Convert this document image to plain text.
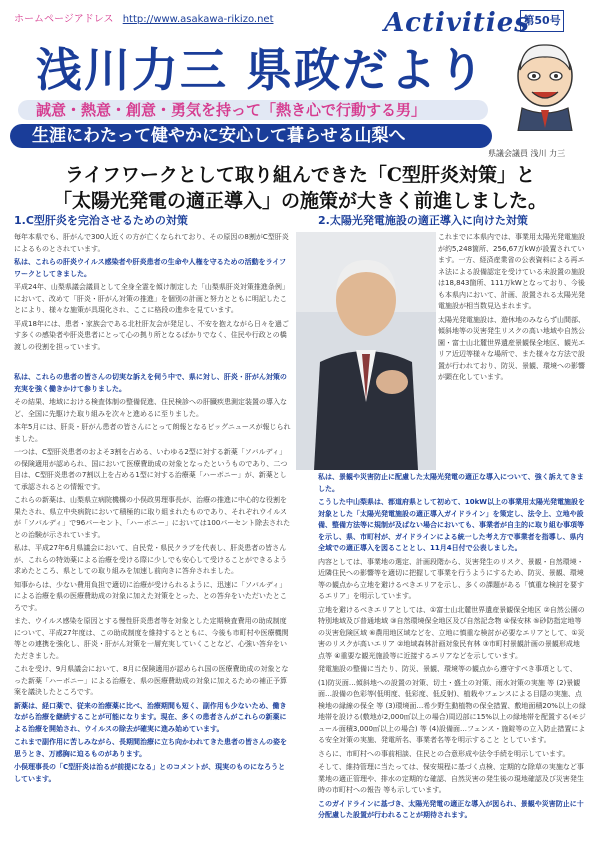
ホームページアドレス http://www.asakawa-rikizo.net	Activities
第50号
浅川力三 県政だより
誠意・熱意・創意・勇気を持って「熱き心で行動する男」
生涯にわたって健やかに安心して暮らせる山梨へ
県議会議員 浅川 力三
ライフワークとして取り組んできた「C型肝炎対策」と
「太陽光発電の適正導入」の施策が大きく前進しました。
1.C型肝炎を完治させるための対策	2.太陽光発電施設の適正導入に向けた対策

毎年本県でも、肝がんで300人近くの方が亡くなられており、その原因の8割がC型肝炎によるものとされています。

私は、これらの肝炎ウイルス感染者や肝炎患者の生命や人権を守るための活動をライフワークとしてきました。

平成24年、山梨県議会議員として全身全霊を傾け制定した「山梨県肝炎対策推進条例」において、改めて「肝炎・肝がん対策の推進」を個別の計画と努力とともに明記したことにより、様々な施策が具現化され、ここに格段の進歩を見ています。

平成18年には、患者・家族会である北杜肝友会が発足し、不安を抱えながら日々を過ごす多くの感染者や肝炎患者にとって心の拠り所となるばかりでなく、住民や行政との橋渡しの役割を担っています。

私は、これらの患者の皆さんの切実な訴えを伺う中で、県に対し、肝炎・肝がん対策の充実を強く働きかけて参りました。

その結果、地域における検査体制の整備促進、住民検診への肝臓疾患測定装置の導入など、全国に先駆けた取り組みを次々と進めるに至りました。

本年5月には、肝炎・肝がん患者の皆さんにとって朗報となるビッグニュースが報じられました。

一つは、C型肝炎患者のおよそ3割を占める、いわゆる2型に対する新薬「ソバルディ」の保険適用が認められ、国において医療費助成の対象となったというものであり、二つ目は、C型肝炎患者の7割以上を占める1型に対する治療薬「ハーボニー」が、新薬として承認されるとの情報です。

これらの新薬は、山梨県立病院機構の小俣政男理事長が、治療の推進に中心的な役割を果たされ、県立中央病院において積極的に取り組まれたものであり、それぞれウイルスが「ソバルディ」で96パーセント、「ハーボニー」においては100パーセント除去されたとの治験が示されています。

私は、平成27年6月県議会において、自民党・県民クラブを代表し、肝炎患者の皆さんが、これらの特効薬による治療を受ける際に少しでも安心して受けることができるよう求めたところ、県としての取り組みを加速し前向きに答弁されました。

知事からは、少ない費用負担で適切に治療が受けられるように、迅速に「ソバルディ」による治療を県の医療費助成の対象に加えた対策をとった、との答弁をいただいたところです。

また、ウイルス感染を原因とする慢性肝炎患者等を対象とした定期検査費用の助成制度について、平成27年度は、この助成制度を維持するとともに、今後も市町村や医療機関等との連携を強化し、肝炎・肝がん対策を一層充実していくことなど、心強い答弁をいただきました。

これを受け、9月県議会において、8月に保険適用が認められ国の医療費助成の対象となった新薬「ハーボニー」による治療を、県の医療費助成の対象に加えるための補正予算案を議決したところです。

新薬は、経口薬で、従来の治療薬に比べ、治療期間も短く、副作用も少ないため、働きながら治療を継続することが可能になります。現在、多くの患者さんがこれらの新薬による治療を開始され、ウイルスの除去が確実に進み始めています。

これまで副作用に苦しみながら、長期間治療に立ち向かわれてきた患者の皆さんの姿を思うとき、万感胸に迫るものがあります。

小俣理事長の「C型肝炎は治るが前提になる」とのコメントが、現実のものになろうとしています。

これまでに本県内では、事業用太陽光発電施設が約5,248箇所、256,67万kWが設置されています。一方、経済産業省の公表資料による再エネ法による設備認定を受けている未設置の施設は18,843箇所、111万kWとなっており、今後も本県内において、計画、設置される太陽光発電施設が相当数見込まれます。

太陽光発電施設は、遊休地のみならず山間部、傾斜地等の災害発生リスクの高い地域や自然公園・富士山北麓世界遺産景観保全地区、観光エリア近辺等様々な場所で、また様々な方法で設置が行われており、防災、景観、環境への影響が顕在化しています。

私は、景観や災害防止に配慮した太陽光発電の適正な導入について、強く訴えてきました。

こうした中山梨県は、都道府県として初めて、10kW以上の事業用太陽光発電施設を対象とした「太陽光発電施設の適正導入ガイドライン」を策定し、法令上、立地や設備、整備方法等に規制が及ばない場合においても、事業者が自主的に取り組む事項等を示し、県、市町村が、ガイドラインによる統一した考え方で事業者を指導し、県内全域での適正導入を図ることとし、11月4日付で公表しました。

内容としては、事業地の選定、計画段階から、災害発生のリスク、景観・自然環境・近隣住民への影響等を適切に把握して事業を行うようにするため、防災、景観、環境等の観点から立地を避けるべきエリアを示し、多くの課題がある「慎重な検討を要するエリア」を明示しています。

立地を避けるべきエリアとしては、①富士山北麓世界遺産景観保全地区 ②自然公園の特別地域及び普通地域 ③自然環境保全地区及び自然記念物 ④保安林 ⑤砂防指定地等の災害危険区域 ⑥農用地区域などを、立地に慎重な検討が必要なエリアとして、①災害のリスクが高いエリア ②地域森林計画対象民有林 ③市町村景観計画の景観形成地点等 ④重要な観光施設等に近接するエリアなどを示しています。

発電施設の整備に当たり、防災、景観、環境等の観点から遵守すべき事項として、

(1)防災面…傾斜地への設置の対策、切土・盛土の対策、雨水対策の実施 等 (2)景観面…設備の色彩等(低明度、低彩度、低反射)、植栽やフェンスによる目隠の実施、点検地の縁線の保全 等 (3)環境面…希少野生動植物の保全措置、敷地面積20%以上の緑地帯を設ける(敷地が2,000㎡以上の場合)周辺部に15%以上の緑地帯を配置する(モジュール面積3,000㎡以上の場合) 等 (4)設備面…フェンス・施錠等の立入防止措置による安全対策の実施、発電所名、事業者名等を明示すること としています。

さらに、市町村への事前相談、住民との合意形成や法令手続を明示しています。

そして、維持管理に当たっては、保安規程に基づく点検、定期的な除草の実施など事業地の適正管理や、排水の定期的な確認、自然災害の発生後の現地確認及び災害発生時の市町村への報告 等も示しています。

このガイドラインに基づき、太陽光発電の適正な導入が図られ、景観や災害防止に十分配慮した設置が行われることが期待されます。
